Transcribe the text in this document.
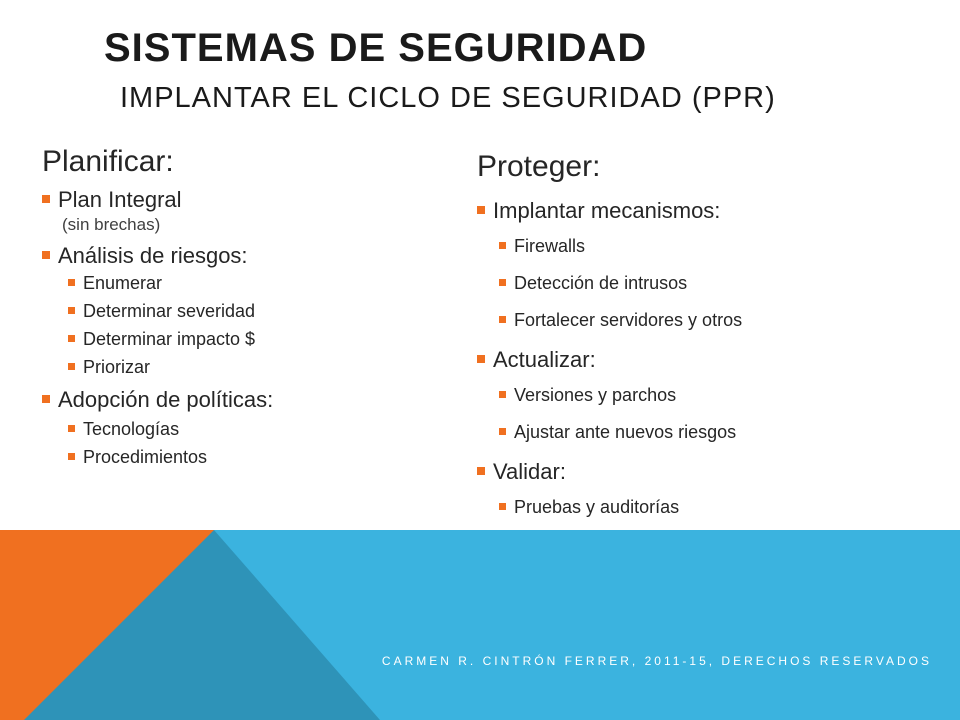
SISTEMAS DE SEGURIDAD
IMPLANTAR EL CICLO DE SEGURIDAD (PPR)
Planificar:
Plan Integral
(sin brechas)
Análisis de riesgos:
Enumerar
Determinar severidad
Determinar impacto $
Priorizar
Adopción de políticas:
Tecnologías
Procedimientos
Proteger:
Implantar mecanismos:
Firewalls
Detección de intrusos
Fortalecer servidores y otros
Actualizar:
Versiones y parchos
Ajustar ante nuevos riesgos
Validar:
Pruebas y auditorías
CARMEN R. CINTRÓN FERRER, 2011-15, DERECHOS RESERVADOS
